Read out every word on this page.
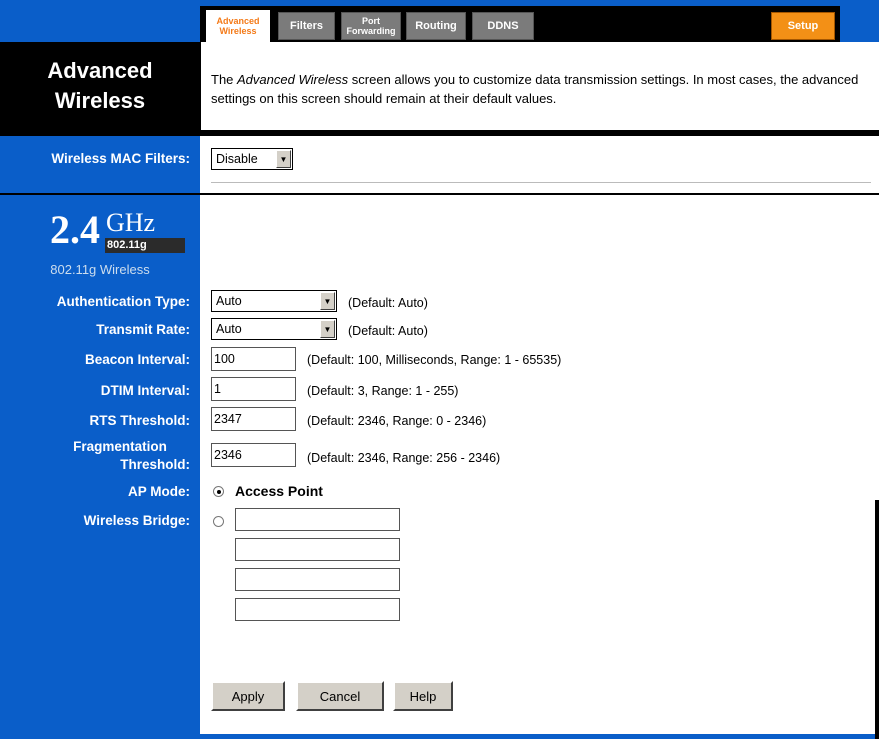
Advanced
Wireless	Filters	Port
Forwarding Routing	DDNS	Setup
Advanced
Wireless
The Advanced Wireless screen allows you to customize data transmission settings. In most cases, the advanced settings on this screen should remain at their default values.
Wireless MAC Filters: Disable	▼
2.4 GHz
802.11g
802.11g Wireless
Authentication Type: Auto	▼ (Default: Auto)
Transmit Rate: Auto	▼ (Default: Auto)
Beacon Interval: 100	(Default: 100, Milliseconds, Range: 1 - 65535)
DTIM Interval: 1	(Default: 3, Range: 1 - 255)
RTS Threshold: 2347	(Default: 2346, Range: 0 - 2346)
Fragmentation
Threshold:
2346	(Default: 2346, Range: 256 - 2346)
AP Mode:	Access Point
Wireless Bridge:
Apply	Cancel	Help
